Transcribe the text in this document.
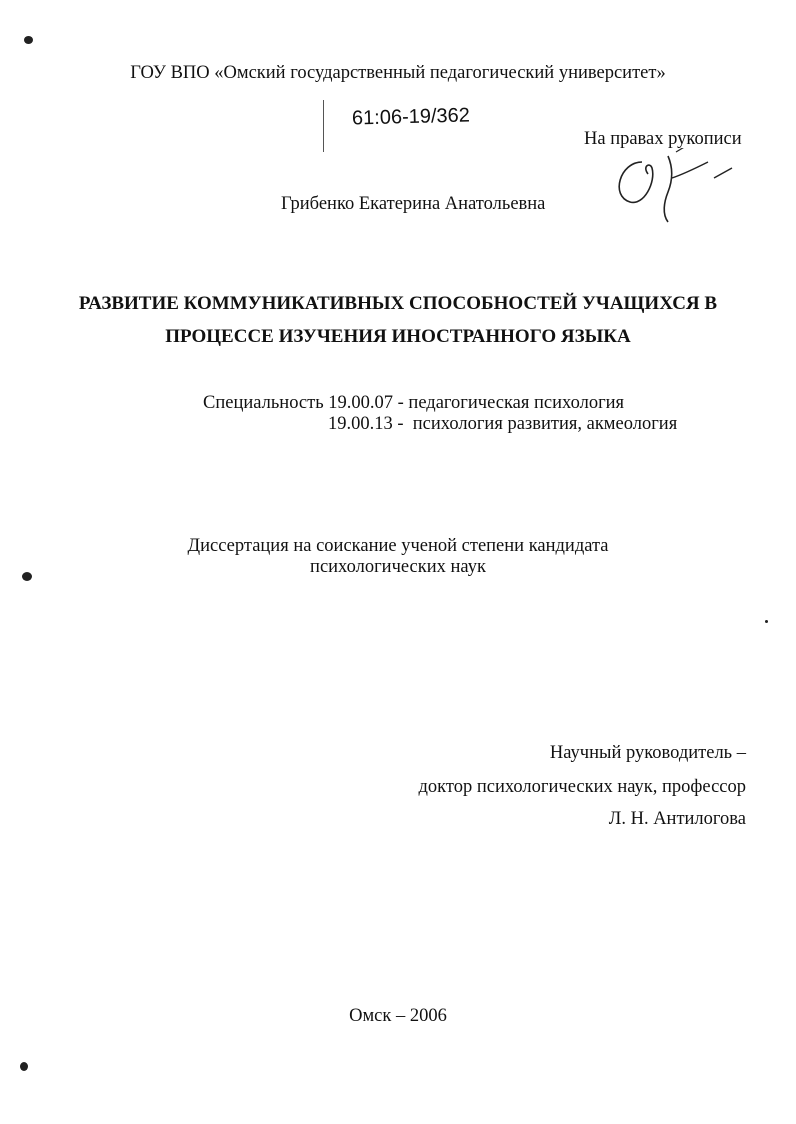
ГОУ ВПО «Омский государственный педагогический университет»
61:06-19/362
На правах рукописи
Грибенко Екатерина Анатольевна
РАЗВИТИЕ КОММУНИКАТИВНЫХ СПОСОБНОСТЕЙ УЧАЩИХСЯ В
ПРОЦЕССЕ ИЗУЧЕНИЯ ИНОСТРАННОГО ЯЗЫКА
Специальность 19.00.07 - педагогическая психология
19.00.13 -  психология развития, акмеология
Диссертация на соискание ученой степени кандидата
психологических наук
Научный руководитель –
доктор психологических наук, профессор
Л. Н. Антилогова
Омск – 2006
